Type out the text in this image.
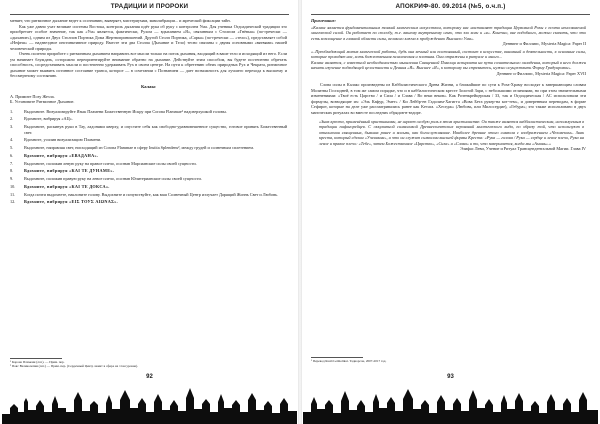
ТРАДИЦИИ И ПРОРОКИ

меняет, что ритмичное дыхание ведет к осознанию, выверяет, мистериумам, эквилибрации... и жреческой фиксации тайн.

Как уже давно учат великие системы Востока, контроль дыхания идёт рука об руку с контролем Ума. Для ученика Огдоадической традиции это приобретает особое значение, так как «Ум» является, фактически, Рухом — вдыханием «Я», связанным с Столпом «Гнёвыа» (по-гречески — «дыхание»), одним из Двух Столпов Портика Дома Жертвоприношений. Другой Столп Портика, «Сарка» (по-гречески — «тело»), представляет собой «Нефеш» — надзвездное инстинктивное природу. Вместе эти два Столпа (Дыхание и Тело) тесно связаны с двумя основными «вятвями» нашей человеческой природы.

Очень полезно приработе с ритмичным дыханием направить все мысли только на поток дыхания, входящий в ваше тело и исходящий из него. Если ум начинает блуждать, осторожно переориентируйте внимание обратно на дыхание. Действуйте этим способом, вы будете постепенно обретать способность, сосредотачивать мысли и постепенно удерживать Рух в своем центре. На пути к обретению обеих природных Рух и Чекрата, ритмичное дыхание может выявить истинное состояние транса, которое — в сочетании с Познанием — дает возможность для лучшего перехода к высшему и бессмертному состоянию.

Калакс

А. Примите Позу Жезла.

Б. Установите Ритмичное Дыхание.

1.	Выдохните. Визуализируйте Язык Пламени Божественную Искру при Corona Flammae¹ надсверхушкой головы.
2.	Вдохните, вибрируя «AЦ».
3.	Выдохните, раскинув руки в Тау, ладонями кверху, и опустите себя как свободно-уравновешенное существо, готовое принять Божественный свет.
4.	Вдохните, усилив визуализацию Пламени.
5.	Выдохните, направляя свет, нисходящий из Corona Flammae в сферу Instita Splendens², между грудей и солнечным сплетением.
6.	Вдохните, вибрируя «ЕВАДАНА».
7.	Выдохните, положив левую руку на правое плечо, осознав Марсианские силы своей сущности.
8.	Вдохните, вибрируя «КАІ ТЕ ДУНАМЕ».
9.	Выдохните, положив правую руку на левое плечо, осознав Юпитерианские силы своей сущности.
10.	Вдохните, вибрируя «КАІ ТЕ ДОКСА».
11.	Когда почти выдохнете, наклоните голову. Выдохните и почувствуйте, как ваш Солнечный Центр излучает Дарящий Жизнь Свет и Любовь.
12.	Вдохните, вибрируя «ЕІΣ ТОУΣ АІΩΝΑΣ».
¹ Корона Пламени (лат.). — Прим. пер.
² Пояс Великолепия (лат.) — Прим. пер. (Сердечный Центр лежит в сфере на этом уровне).
92
АПОКРИФ-80. 09.2014 (№5, о.ч.п.)

Примечание:

«Калакс является фундаментальным тонкий магическим искусством, которому нас наставляет традиция Церковной Розы с почти неиссякаемой магической силой. Он работает по способу, т.е. вашему внутреннему огню, это эхо воли и «я». Конечно, вне подобного, можно сказать, что это есть воплощение в главной области силы, великого ключа к пробуждению Высшего Ума».

Деннинг и Филлипс, Mysteria Magica: Paper II

«..Преобладающий мотив магической работы, будь она вечный или постоянный, состоит в искусстве, виновный и деятельности, в основные силы, которые проходят нас, хоть божественная психическая и плотная. Они отражены в ритуале и много...

Калакс является, с известной необходимостью мышления Священной Помощи аспиранта на пути сознательного овладения, который в него должен начать изучение подходящей целостности и Деяния «Я». Высшее «Я», к которому вы стремитесь, нужно осуществить Форму Градуировки».

Деннинг и Филлипс, Mysteria Magica: Paper XVII

Слова силы в Калакс произведены из Каббалистического Древа Жизни, а ближайшие по сути к Роза-Храму восходят к завершающим словам Молитвы Господней, в том же самом порядке, что и в каббалистическом кресте Золотой Зари, с небольшими отличиями, но при этом значительными изменениями: «Твоё есть Царство / и Сила / и Слава / Во веки веков». Как Розенкрейцерская / 33, так и Огдоадическая / AC использовали эти формулы, возводящие их: «Эль Кафур, Эмет» / Ки Лейбр-ен Гадолим-Хагигта «Вова Бета рукер-на кот-тем», и доверенным переводам, в форме Сефирот, которые на деле уже рассматривались ранее как Kevara. «Хеседж» (Любовь, или Милосердие), «Гебура»; это также использовано в двух магических ритуалах во вместе последних обрядов-в-вздоре.

«Знак креста, применённый христианами, не играет особую роль в этом христианстве. Он также является каббалистическим, используемым в традиции пифагорейцев. С оккультной символикой Древнеегипетских верований мистического вида, по образу той, что используют в отношении священных, бывших ранее и восьми, как богослуживание. Наиболее древние этого символа с изображением «Человеком». Знак креста, который сделан «Учеником», и что он служит символом высшей формы Креста: «Рука — голова / Рука — сердце и левое плечо, Рука на левое и правое плечо: «Тебе», затем Божественное «Царство», «Сила» и «Слава» и то, что завершается, когда мы «Аминь».»

Элифас Леви, Учение и Ритуал Трансцендентальной Магии. Глава IV

¹ Перевод Rauli Leimolikai. Тадворсон, 2007-2017 год.
93
